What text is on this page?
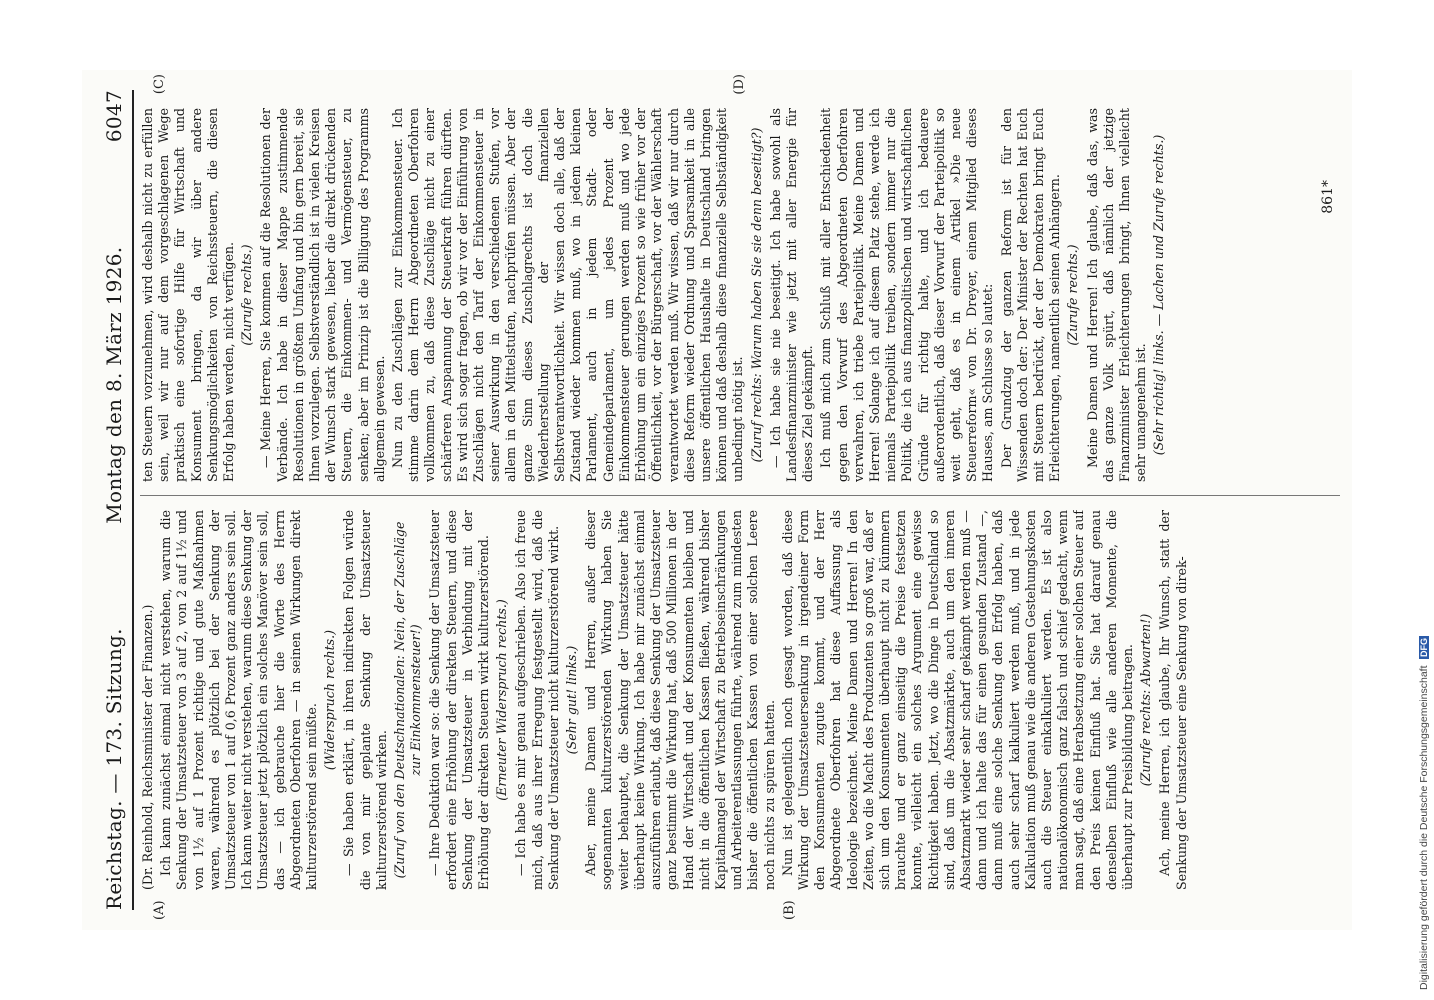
Reichstag. — 173. Sitzung.
Montag den 8. März 1926.
6047
(A)	(B)
(C)	(D)

(Dr. Reinhold, Reichsminister der Finanzen.) Ich kann zunächst einmal nicht verstehen, warum die Senkung der Umsatzsteuer von 3 auf 2, von 2 auf 1½ und von 1½ auf 1 Prozent richtige und gute Maßnahmen waren, während es plötzlich bei der Senkung der Umsatzsteuer von 1 auf 0,6 Prozent ganz anders sein soll. Ich kann weiter nicht verstehen, warum diese Senkung der Umsatzsteuer jetzt plötzlich ein solches Manöver sein soll, das — ich gebrauche hier die Worte des Herrn Abgeordneten Oberfohren — in seinen Wirkungen direkt kulturzerstörend sein müßte.

(Widerspruch rechts.) — Sie haben erklärt, in ihren indirekten Folgen würde die von mir geplante Senkung der Umsatzsteuer kulturzerstörend wirken. (Zuruf von den Deutschnationalen: Nein, der Zuschläge zur Einkommensteuer!) — Ihre Deduktion war so: die Senkung der Umsatzsteuer erfordert eine Erhöhung der direkten Steuern, und diese Senkung der Umsatzsteuer in Verbindung mit der Erhöhung der direkten Steuern wirkt kulturzerstörend. (Erneuter Widerspruch rechts.) — Ich habe es mir genau aufgeschrieben. Also ich freue mich, daß aus ihrer Erregung festgestellt wird, daß die Senkung der Umsatzsteuer nicht kulturzerstörend wirkt. (Sehr gut! links.) Aber, meine Damen und Herren, außer dieser sogenannten kulturzerstörenden Wirkung haben Sie weiter behauptet, die Senkung der Umsatzsteuer hätte überhaupt keine Wirkung. Ich habe mir zunächst einmal auszuführen erlaubt, daß diese Senkung der Umsatzsteuer ganz bestimmt die Wirkung hat, daß 500 Millionen in der Hand der Wirtschaft und der Konsumenten bleiben und nicht in die öffentlichen Kassen fließen, während bisher Kapitalmangel der Wirtschaft zu Betriebseinschränkungen und Arbeiterentlassungen führte, während zum mindesten bisher die öffentlichen Kassen von einer solchen Leere noch nichts zu spüren hatten. Nun ist gelegentlich noch gesagt worden, daß diese Wirkung der Umsatzsteuersenkung in irgendeiner Form den Konsumenten zugute kommt, und der Herr Abgeordnete Oberfohren hat diese Auffassung als Ideologie bezeichnet. Meine Damen und Herren! In den Zeiten, wo die Macht des Produzenten so groß war, daß er sich um den Konsumenten überhaupt nicht zu kümmern brauchte und er ganz einseitig die Preise festsetzen konnte, vielleicht ein solches Argument eine gewisse Richtigkeit haben. Jetzt, wo die Dinge in Deutschland so sind, daß um die Absatzmärkte, auch um den inneren Absatzmarkt wieder sehr scharf gekämpft werden muß — dann und ich halte das für einen gesunden Zustand —, dann muß eine solche Senkung den Erfolg haben, daß auch sehr scharf kalkuliert werden muß, und in jede Kalkulation muß genau wie die anderen Gestehungskosten auch die Steuer einkalkuliert werden. Es ist also nationalökonomisch ganz falsch und schief gedacht, wenn man sagt, daß eine Herabsetzung einer solchen Steuer auf den Preis keinen Einfluß hat. Sie hat darauf genau denselben Einfluß wie alle anderen Momente, die überhaupt zur Preisbildung beitragen. (Zurufe rechts: Abwarten!) Ach, meine Herren, ich glaube, Ihr Wunsch, statt der Senkung der Umsatzsteuer eine Senkung von direk-

ten Steuern vorzunehmen, wird deshalb nicht zu erfüllen sein, weil wir nur auf dem vorgeschlagenen Wege praktisch eine sofortige Hilfe für Wirtschaft und Konsument bringen, da wir über andere Senkungsmöglichkeiten von Reichssteuern, die diesen Erfolg haben werden, nicht verfügen. (Zurufe rechts.) — Meine Herren, Sie kommen auf die Resolutionen der Verbände. Ich habe in dieser Mappe zustimmende Resolutionen in größtem Umfang und bin gern bereit, sie Ihnen vorzulegen. Selbstverständlich ist in vielen Kreisen der Wunsch stark gewesen, lieber die direkt drückenden Steuern, die Einkommen- und Vermögensteuer, zu senken; aber im Prinzip ist die Billigung des Programms allgemein gewesen. Nun zu den Zuschlägen zur Einkommensteuer. Ich stimme darin dem Herrn Abgeordneten Oberfohren vollkommen zu, daß diese Zuschläge nicht zu einer schärferen Anspannung der Steuerkraft führen dürften. Es wird sich sogar fragen, ob wir vor der Einführung von Zuschlägen nicht den Tarif der Einkommensteuer in seiner Auswirkung in den verschiedenen Stufen, vor allem in den Mittelstufen, nachprüfen müssen. Aber der ganze Sinn dieses Zuschlagrechts ist doch die Wiederherstellung der finanziellen Selbstverantwortlichkeit. Wir wissen doch alle, daß der Zustand wieder kommen muß, wo in jedem kleinen Parlament, auch in jedem Stadt- oder Gemeindeparlament, um jedes Prozent der Einkommensteuer gerungen werden muß und wo jede Erhöhung um ein einziges Prozent so wie früher vor der Öffentlichkeit, vor der Bürgerschaft, vor der Wählerschaft verantwortet werden muß. Wir wissen, daß wir nur durch diese Reform wieder Ordnung und Sparsamkeit in alle unsere öffentlichen Haushalte in Deutschland bringen können und daß deshalb diese finanzielle Selbständigkeit unbedingt nötig ist. (Zuruf rechts: Warum haben Sie sie denn beseitigt?) — Ich habe sie nie beseitigt. Ich habe sowohl als Landesfinanzminister wie jetzt mit aller Energie für dieses Ziel gekämpft. Ich muß mich zum Schluß mit aller Entschiedenheit gegen den Vorwurf des Abgeordneten Oberfohren verwahren, ich triebe Parteipolitik. Meine Damen und Herren! Solange ich auf diesem Platz stehe, werde ich niemals Parteipolitik treiben, sondern immer nur die Politik, die ich aus finanzpolitischen und wirtschaftlichen Gründe für richtig halte, und ich bedauere außerordentlich, daß dieser Vorwurf der Parteipolitik so weit geht, daß es in einem Artikel »Die neue Steuerreform« von Dr. Dreyer, einem Mitglied dieses Hauses, am Schlusse so lautet: Der Grundzug der ganzen Reform ist für den Wissenden doch der: Der Minister der Rechten hat Euch mit Steuern bedrückt, der der Demokraten bringt Euch Erleichterungen, namentlich seinen Anhängern. (Zurufe rechts.) Meine Damen und Herren! Ich glaube, daß das, was das ganze Volk spürt, daß nämlich der jetzige Finanzminister Erleichterungen bringt, Ihnen vielleicht sehr unangenehm ist. (Sehr richtig! links. — Lachen und Zurufe rechts.)	861*
Digitalisierung gefördert durch die Deutsche Forschungsgemeinschaft
DFG
